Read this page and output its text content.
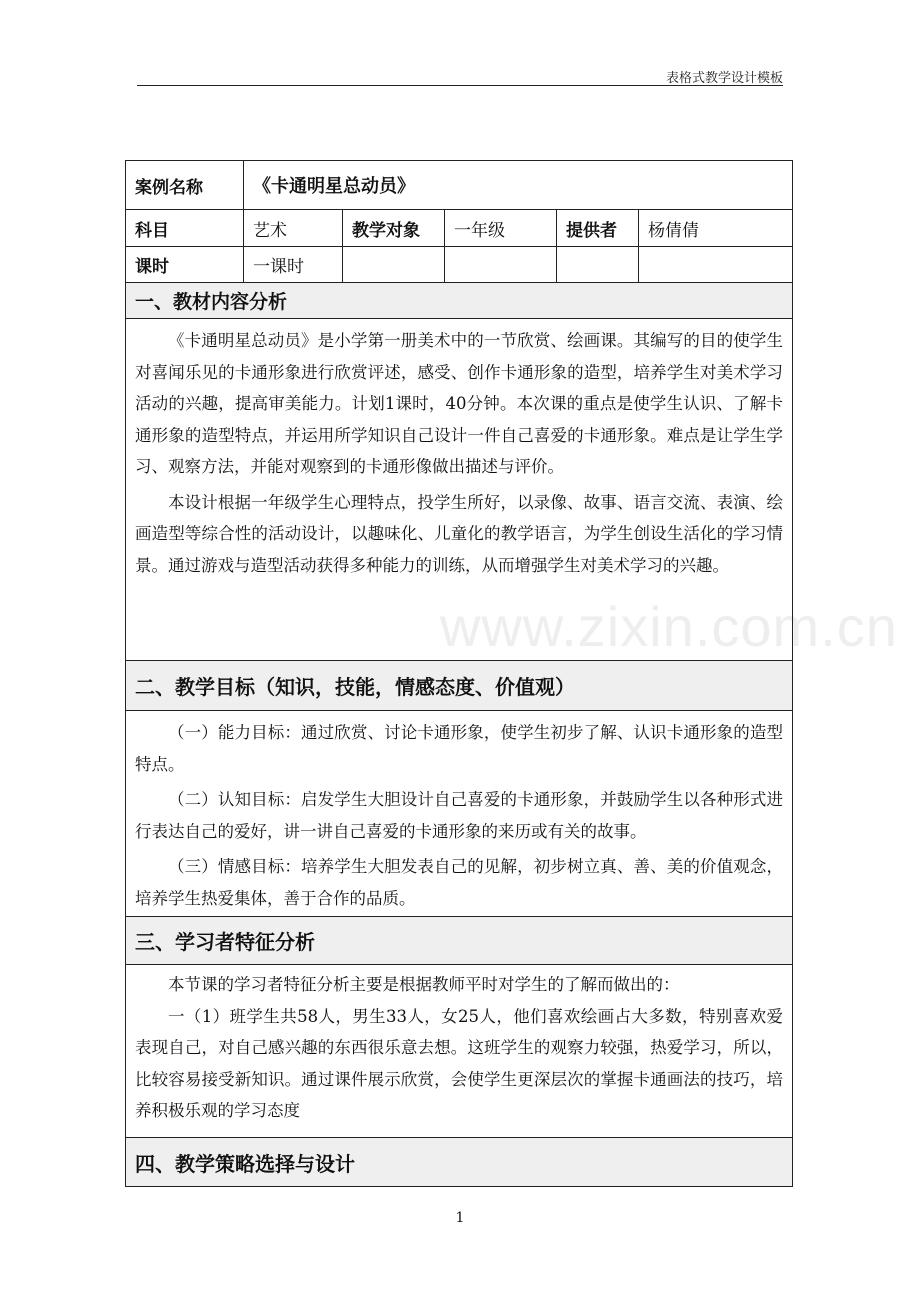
表格式教学设计模板
www.zixin.com.cn
案例名称	《卡通明星总动员》
科目	艺术	教学对象	一年级	提供者	杨倩倩
课时	一课时
一、教材内容分析

《卡通明星总动员》是小学第一册美术中的一节欣赏、绘画课。其编写的目的使学生对喜闻乐见的卡通形象进行欣赏评述，感受、创作卡通形象的造型，培养学生对美术学习活动的兴趣，提高审美能力。计划1课时，40分钟。本次课的重点是使学生认识、了解卡通形象的造型特点，并运用所学知识自己设计一件自己喜爱的卡通形象。难点是让学生学习、观察方法，并能对观察到的卡通形像做出描述与评价。

本设计根据一年级学生心理特点，投学生所好，以录像、故事、语言交流、表演、绘画造型等综合性的活动设计，以趣味化、儿童化的教学语言，为学生创设生活化的学习情景。通过游戏与造型活动获得多种能力的训练，从而增强学生对美术学习的兴趣。

二、教学目标（知识，技能，情感态度、价值观）

（一）能力目标：通过欣赏、讨论卡通形象，使学生初步了解、认识卡通形象的造型特点。

（二）认知目标：启发学生大胆设计自己喜爱的卡通形象，并鼓励学生以各种形式进行表达自己的爱好，讲一讲自己喜爱的卡通形象的来历或有关的故事。

（三）情感目标：培养学生大胆发表自己的见解，初步树立真、善、美的价值观念，培养学生热爱集体，善于合作的品质。

三、学习者特征分析

本节课的学习者特征分析主要是根据教师平时对学生的了解而做出的：

一（1）班学生共58人，男生33人，女25人，他们喜欢绘画占大多数，特别喜欢爱表现自己，对自己感兴趣的东西很乐意去想。这班学生的观察力较强，热爱学习，所以，比较容易接受新知识。通过课件展示欣赏，会使学生更深层次的掌握卡通画法的技巧，培养积极乐观的学习态度

四、教学策略选择与设计
1
